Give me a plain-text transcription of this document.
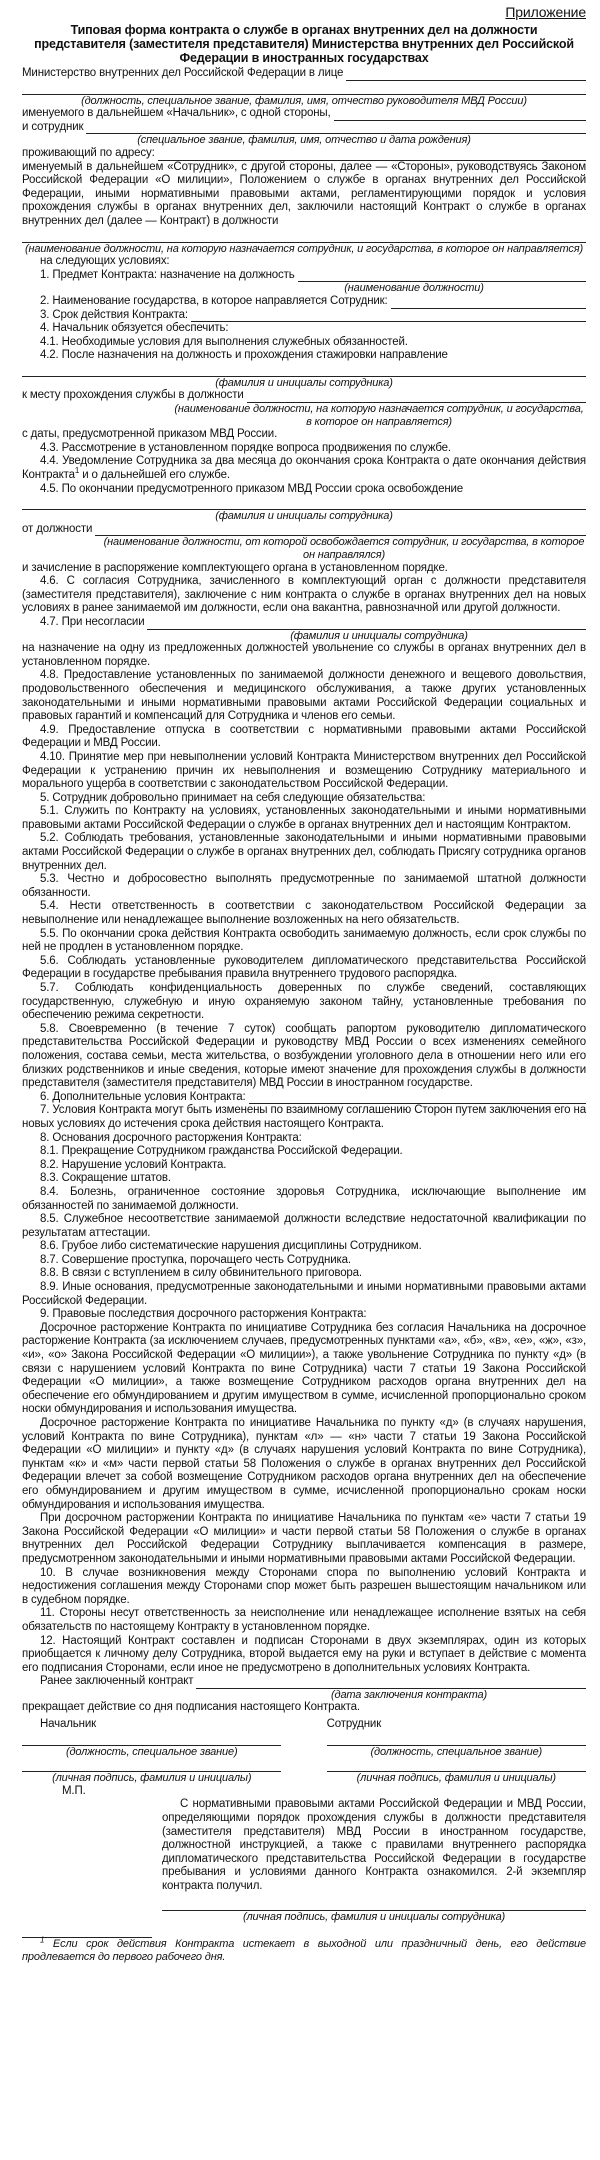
Приложение
Типовая форма контракта о службе в органах внутренних дел на должности представителя (заместителя представителя) Министерства внутренних дел Российской Федерации в иностранных государствах
Министерство внутренних дел Российской Федерации в лице
(должность, специальное звание, фамилия, имя, отчество руководителя МВД России)
именуемого в дальнейшем «Начальник», с одной стороны,
и сотрудник
(специальное звание, фамилия, имя, отчество и дата рождения)
проживающий по адресу:

именуемый в дальнейшем «Сотрудник», с другой стороны, далее — «Стороны», руководствуясь Законом Российской Федерации «О милиции», Положением о службе в органах внутренних дел Российской Федерации, иными нормативными правовыми актами, регламентирующими порядок и условия прохождения службы в органах внутренних дел, заключили настоящий Контракт о службе в органах внутренних дел (далее — Контракт) в должности

(наименование должности, на которую назначается сотрудник, и государства, в которое он направляется)

на следующих условиях:

1. Предмет Контракта: назначение на должность
(наименование должности)
2. Наименование государства, в которое направляется Сотрудник:
3. Срок действия Контракта:

4. Начальник обязуется обеспечить:

4.1. Необходимые условия для выполнения служебных обязанностей.

4.2. После назначения на должность и прохождения стажировки направление

(фамилия и инициалы сотрудника)
к месту прохождения службы в должности
(наименование должности, на которую назначается сотрудник, и государства, в которое он направляется)

с даты, предусмотренной приказом МВД России.

4.3. Рассмотрение в установленном порядке вопроса продвижения по службе.

4.4. Уведомление Сотрудника за два месяца до окончания срока Контракта о дате окончания действия Контракта$^1$ и о дальнейшей его службе.

4.5. По окончании предусмотренного приказом МВД России срока освобождение

(фамилия и инициалы сотрудника)
от должности
(наименование должности, от которой освобождается сотрудник, и государства, в которое он направлялся)

и зачисление в распоряжение комплектующего органа в установленном порядке.

4.6. С согласия Сотрудника, зачисленного в комплектующий орган с должности представителя (заместителя представителя), заключение с ним контракта о службе в органах внутренних дел на новых условиях в ранее занимаемой им должности, если она вакантна, равнозначной или другой должности.

4.7. При несогласии
(фамилия и инициалы сотрудника)

на назначение на одну из предложенных должностей увольнение со службы в органах внутренних дел в установленном порядке.

4.8. Предоставление установленных по занимаемой должности денежного и вещевого довольствия, продовольственного обеспечения и медицинского обслуживания, а также других установленных законодательными и иными нормативными правовыми актами Российской Федерации социальных и правовых гарантий и компенсаций для Сотрудника и членов его семьи.

4.9. Предоставление отпуска в соответствии с нормативными правовыми актами Российской Федерации и МВД России.

4.10. Принятие мер при невыполнении условий Контракта Министерством внутренних дел Российской Федерации к устранению причин их невыполнения и возмещению Сотруднику материального и морального ущерба в соответствии с законодательством Российской Федерации.

5. Сотрудник добровольно принимает на себя следующие обязательства:

5.1. Служить по Контракту на условиях, установленных законодательными и иными нормативными правовыми актами Российской Федерации о службе в органах внутренних дел и настоящим Контрактом.

5.2. Соблюдать требования, установленные законодательными и иными нормативными правовыми актами Российской Федерации о службе в органах внутренних дел, соблюдать Присягу сотрудника органов внутренних дел.

5.3. Честно и добросовестно выполнять предусмотренные по занимаемой штатной должности обязанности.

5.4. Нести ответственность в соответствии с законодательством Российской Федерации за невыполнение или ненадлежащее выполнение возложенных на него обязательств.

5.5. По окончании срока действия Контракта освободить занимаемую должность, если срок службы по ней не продлен в установленном порядке.

5.6. Соблюдать установленные руководителем дипломатического представительства Российской Федерации в государстве пребывания правила внутреннего трудового распорядка.

5.7. Соблюдать конфиденциальность доверенных по службе сведений, составляющих государственную, служебную и иную охраняемую законом тайну, установленные требования по обеспечению режима секретности.

5.8. Своевременно (в течение 7 суток) сообщать рапортом руководителю дипломатического представительства Российской Федерации и руководству МВД России о всех изменениях семейного положения, состава семьи, места жительства, о возбуждении уголовного дела в отношении него или его близких родственников и иные сведения, которые имеют значение для прохождения службы в должности представителя (заместителя представителя) МВД России в иностранном государстве.

6. Дополнительные условия Контракта:

7. Условия Контракта могут быть изменены по взаимному соглашению Сторон путем заключения его на новых условиях до истечения срока действия настоящего Контракта.

8. Основания досрочного расторжения Контракта:

8.1. Прекращение Сотрудником гражданства Российской Федерации.

8.2. Нарушение условий Контракта.

8.3. Сокращение штатов.

8.4. Болезнь, ограниченное состояние здоровья Сотрудника, исключающие выполнение им обязанностей по занимаемой должности.

8.5. Служебное несоответствие занимаемой должности вследствие недостаточной квалификации по результатам аттестации.

8.6. Грубое либо систематические нарушения дисциплины Сотрудником.

8.7. Совершение проступка, порочащего честь Сотрудника.

8.8. В связи с вступлением в силу обвинительного приговора.

8.9. Иные основания, предусмотренные законодательными и иными нормативными правовыми актами Российской Федерации.

9. Правовые последствия досрочного расторжения Контракта:

Досрочное расторжение Контракта по инициативе Сотрудника без согласия Начальника на досрочное расторжение Контракта (за исключением случаев, предусмотренных пунктами «а», «б», «в», «е», «ж», «з», «и», «о» Закона Российской Федерации «О милиции»), а также увольнение Сотрудника по пункту «д» (в связи с нарушением условий Контракта по вине Сотрудника) части 7 статьи 19 Закона Российской Федерации «О милиции», а также возмещение Сотрудником расходов органа внутренних дел на обеспечение его обмундированием и другим имуществом в сумме, исчисленной пропорционально сроком носки обмундирования и использования имущества.

Досрочное расторжение Контракта по инициативе Начальника по пункту «д» (в случаях нарушения, условий Контракта по вине Сотрудника), пунктам «л» — «н» части 7 статьи 19 Закона Российской Федерации «О милиции» и пункту «д» (в случаях нарушения условий Контракта по вине Сотрудника), пунктам «к» и «м» части первой статьи 58 Положения о службе в органах внутренних дел Российской Федерации влечет за собой возмещение Сотрудником расходов органа внутренних дел на обеспечение его обмундированием и другим имуществом в сумме, исчисленной пропорционально срокам носки обмундирования и использования имущества.

При досрочном расторжении Контракта по инициативе Начальника по пунктам «е» части 7 статьи 19 Закона Российской Федерации «О милиции» и части первой статьи 58 Положения о службе в органах внутренних дел Российской Федерации Сотруднику выплачивается компенсация в размере, предусмотренном законодательными и иными нормативными правовыми актами Российской Федерации.

10. В случае возникновения между Сторонами спора по выполнению условий Контракта и недостижения соглашения между Сторонами спор может быть разрешен вышестоящим начальником или в судебном порядке.

11. Стороны несут ответственность за неисполнение или ненадлежащее исполнение взятых на себя обязательств по настоящему Контракту в установленном порядке.

12. Настоящий Контракт составлен и подписан Сторонами в двух экземплярах, один из которых приобщается к личному делу Сотрудника, второй выдается ему на руки и вступает в действие с момента его подписания Сторонами, если иное не предусмотрено в дополнительных условиях Контракта.

Ранее заключенный контракт
(дата заключения контракта)

прекращает действие со дня подписания настоящего Контракта.

Начальник	Сотрудник
(должность, специальное звание)	(должность, специальное звание)
(личная подпись, фамилия и инициалы)	(личная подпись, фамилия и инициалы)
М.П.

С нормативными правовыми актами Российской Федерации и МВД России, определяющими порядок прохождения службы в должности представителя (заместителя представителя) МВД России в иностранном государстве, должностной инструкцией, а также с правилами внутреннего распорядка дипломатического представительства Российской Федерации в государстве пребывания и условиями данного Контракта ознакомился. 2-й экземпляр контракта получил.

(личная подпись, фамилия и инициалы сотрудника)

$^1$ Если срок действия Контракта истекает в выходной или праздничный день, его действие продлевается до первого рабочего дня.
